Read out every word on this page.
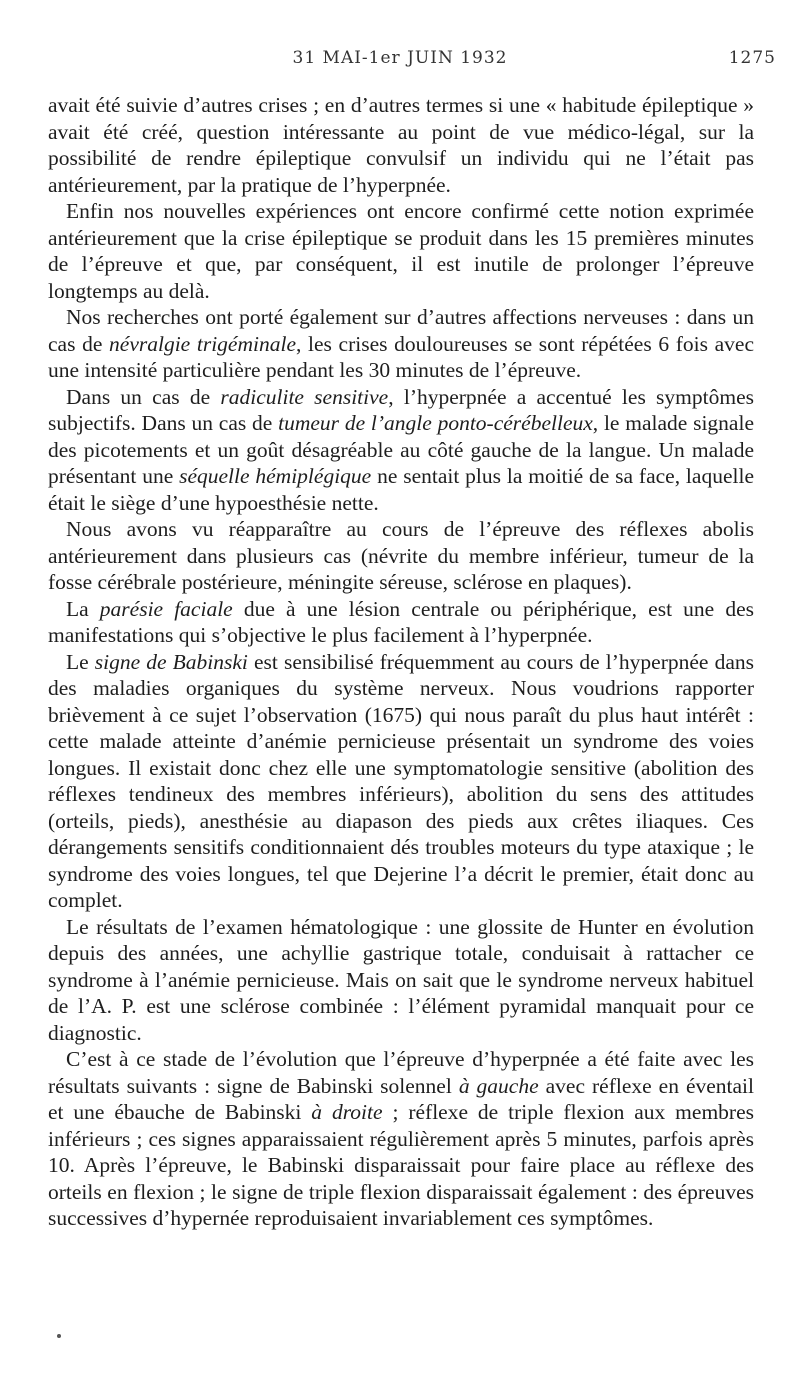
31 MAI-1er JUIN 1932	1275

avait été suivie d’autres crises ; en d’autres termes si une « habitude épileptique » avait été créé, question intéressante au point de vue médico-légal, sur la possibilité de rendre épileptique convulsif un individu qui ne l’était pas antérieurement, par la pratique de l’hyperpnée.

Enfin nos nouvelles expériences ont encore confirmé cette notion exprimée antérieurement que la crise épileptique se produit dans les 15 premières minutes de l’épreuve et que, par conséquent, il est inutile de prolonger l’épreuve longtemps au delà.

Nos recherches ont porté également sur d’autres affections nerveuses : dans un cas de névralgie trigéminale, les crises douloureuses se sont répétées 6 fois avec une intensité particulière pendant les 30 minutes de l’épreuve.

Dans un cas de radiculite sensitive, l’hyperpnée a accentué les symptômes subjectifs. Dans un cas de tumeur de l’angle ponto-cérébelleux, le malade signale des picotements et un goût désagréable au côté gauche de la langue. Un malade présentant une séquelle hémiplégique ne sentait plus la moitié de sa face, laquelle était le siège d’une hypoesthésie nette.

Nous avons vu réapparaître au cours de l’épreuve des réflexes abolis antérieurement dans plusieurs cas (névrite du membre inférieur, tumeur de la fosse cérébrale postérieure, méningite séreuse, sclérose en plaques).

La parésie faciale due à une lésion centrale ou périphérique, est une des manifestations qui s’objective le plus facilement à l’hyperpnée.

Le signe de Babinski est sensibilisé fréquemment au cours de l’hyperpnée dans des maladies organiques du système nerveux. Nous voudrions rapporter brièvement à ce sujet l’observation (1675) qui nous paraît du plus haut intérêt : cette malade atteinte d’anémie pernicieuse présentait un syndrome des voies longues. Il existait donc chez elle une symptomatologie sensitive (abolition des réflexes tendineux des membres inférieurs), abolition du sens des attitudes (orteils, pieds), anesthésie au diapason des pieds aux crêtes iliaques. Ces dérangements sensitifs conditionnaient dés troubles moteurs du type ataxique ; le syndrome des voies longues, tel que Dejerine l’a décrit le premier, était donc au complet.

Le résultats de l’examen hématologique : une glossite de Hunter en évolution depuis des années, une achyllie gastrique totale, conduisait à rattacher ce syndrome à l’anémie pernicieuse. Mais on sait que le syndrome nerveux habituel de l’A. P. est une sclérose combinée : l’élément pyramidal manquait pour ce diagnostic.

C’est à ce stade de l’évolution que l’épreuve d’hyperpnée a été faite avec les résultats suivants : signe de Babinski solennel à gauche avec réflexe en éventail et une ébauche de Babinski à droite ; réflexe de triple flexion aux membres inférieurs ; ces signes apparaissaient régulièrement après 5 minutes, parfois après 10. Après l’épreuve, le Babinski disparaissait pour faire place au réflexe des orteils en flexion ; le signe de triple flexion disparaissait également : des épreuves successives d’hypernée reproduisaient invariablement ces symptômes.
